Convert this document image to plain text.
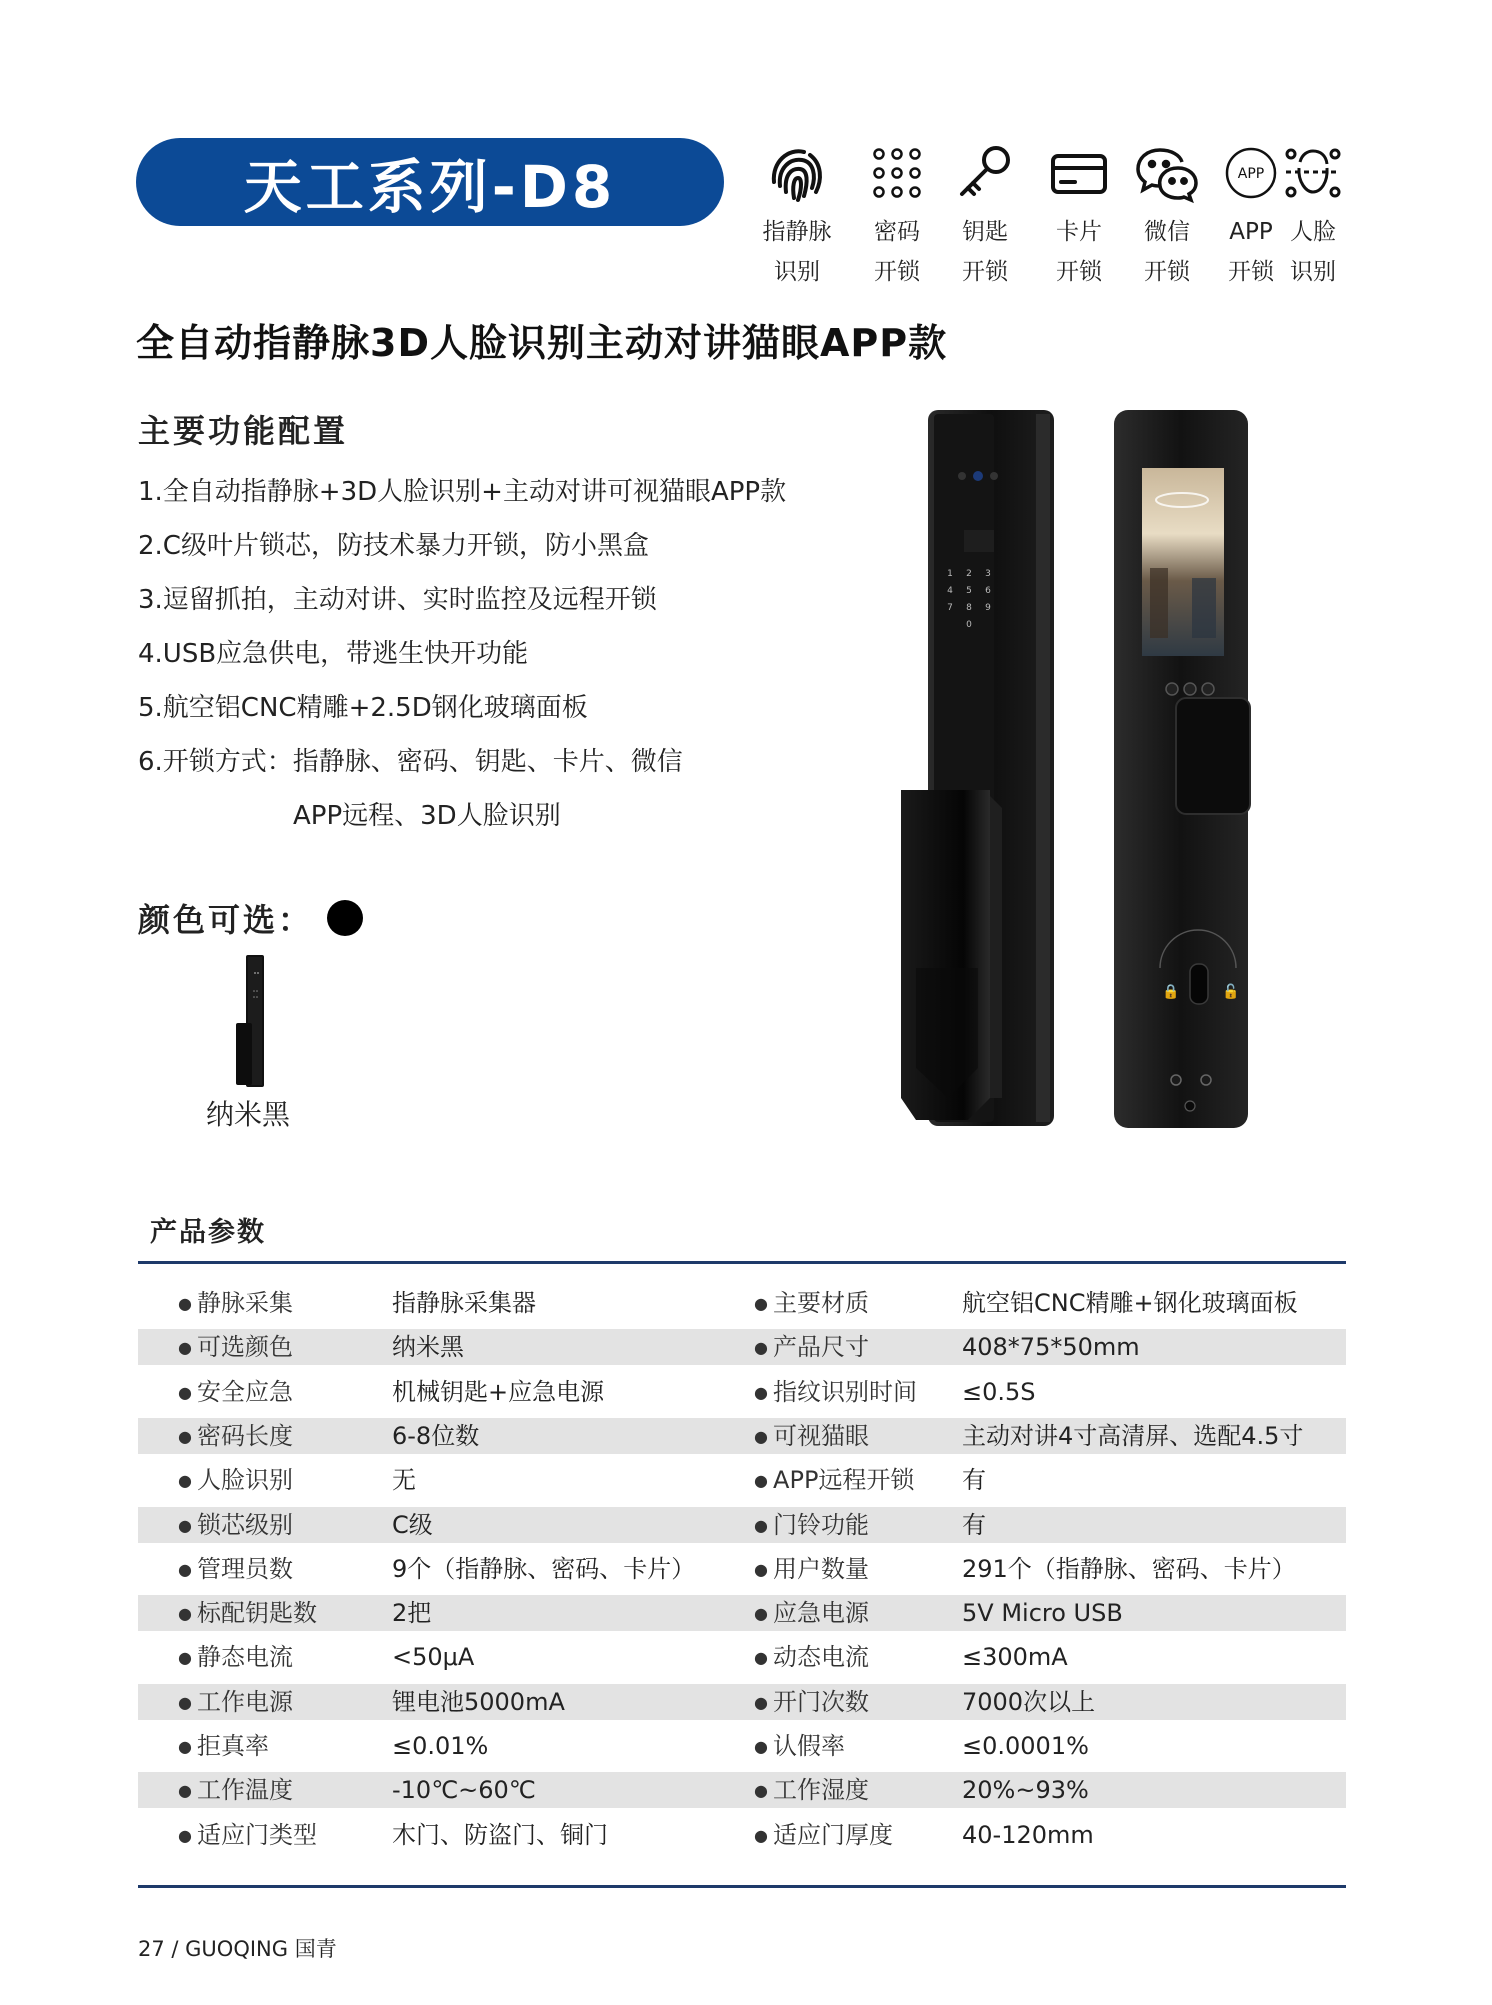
天工系列-D8
指静脉
识别
密码
开锁
钥匙
开锁
卡片
开锁
微信
开锁
APP
APP
开锁
人脸
识别
全自动指静脉3D人脸识别主动对讲猫眼APP款
主要功能配置
1.全自动指静脉+3D人脸识别+主动对讲可视猫眼APP款
2.C级叶片锁芯，防技术暴力开锁，防小黑盒
3.逗留抓拍，主动对讲、实时监控及远程开锁
4.USB应急供电，带逃生快开功能
5.航空铝CNC精雕+2.5D钢化玻璃面板
6.开锁方式：指静脉、密码、钥匙、卡片、微信
APP远程、3D人脸识别
颜色可选：
纳米黑
1 2 3
4 5 6
7 8 9
0
🔒	🔓
产品参数
● 静脉采集	指静脉采集器	● 主要材质	航空铝CNC精雕+钢化玻璃面板
● 可选颜色	纳米黑	● 产品尺寸	408*75*50mm
● 安全应急	机械钥匙+应急电源	● 指纹识别时间 ≤0.5S
● 密码长度	6-8位数	● 可视猫眼	主动对讲4寸高清屏、选配4.5寸
● 人脸识别	无	● APP远程开锁 有
● 锁芯级别	C级	● 门铃功能	有
● 管理员数	9个（指静脉、密码、卡片）	● 用户数量	291个（指静脉、密码、卡片）
● 标配钥匙数	2把	● 应急电源	5V Micro USB
● 静态电流	<50μA	● 动态电流	≤300mA
● 工作电源	锂电池5000mA	● 开门次数	7000次以上
● 拒真率	≤0.01%	● 认假率	≤0.0001%
● 工作温度	-10℃~60℃	● 工作湿度	20%~93%
● 适应门类型	木门、防盗门、铜门	● 适应门厚度	40-120mm
27 / GUOQING 国青
